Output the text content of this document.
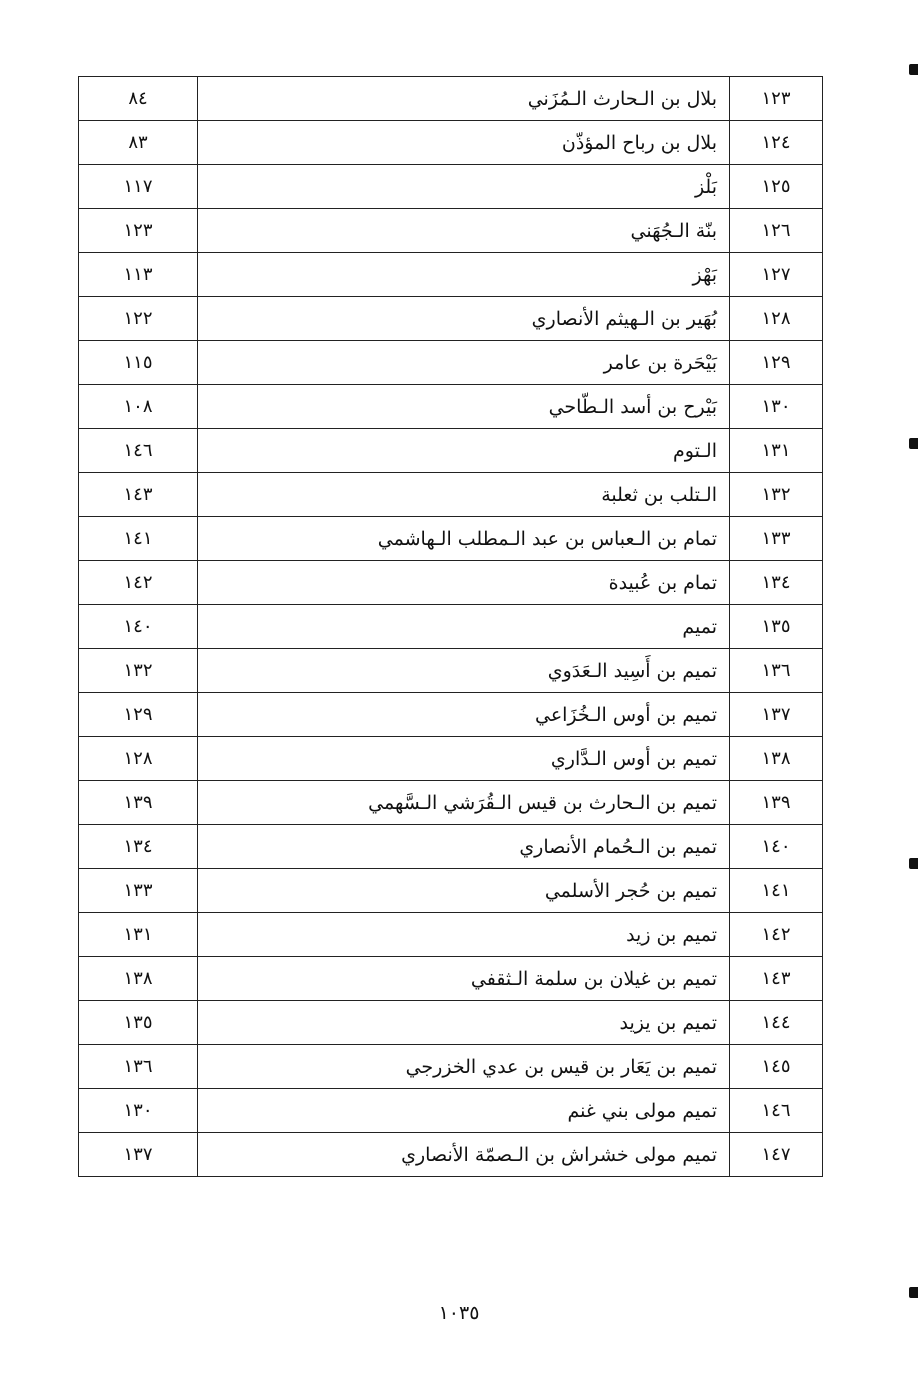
١٢٣	بلال بن الـحارث الـمُزَني	٨٤
١٢٤	بلال بن رباح المؤذّن	٨٣
١٢٥	بَلْز	١١٧
١٢٦	بنّة الـجُهَني	١٢٣
١٢٧	بَهْز	١١٣
١٢٨	بُهَير بن الـهيثم الأنصاري	١٢٢
١٢٩	بَيْحَرة بن عامر	١١٥
١٣٠	بَيْرح بن أسد الـطّاحي	١٠٨
١٣١	الـتوم	١٤٦
١٣٢	الـتلب بن ثعلبة	١٤٣
١٣٣	تمام بن الـعباس بن عبد الـمطلب الـهاشمي	١٤١
١٣٤	تمام بن عُبيدة	١٤٢
١٣٥	تميم	١٤٠
١٣٦	تميم بن أَسِيد الـعَدَوي	١٣٢
١٣٧	تميم بن أوس الـخُزَاعي	١٢٩
١٣٨	تميم بن أوس الـدَّاري	١٢٨
١٣٩	تميم بن الـحارث بن قيس الـقُرَشي الـسَّهمي	١٣٩
١٤٠	تميم بن الـحُمام الأنصاري	١٣٤
١٤١	تميم بن حُجر الأسلمي	١٣٣
١٤٢	تميم بن زيد	١٣١
١٤٣	تميم بن غيلان بن سلمة الـثقفي	١٣٨
١٤٤	تميم بن يزيد	١٣٥
١٤٥	تميم بن يَعَار بن قيس بن عدي الخزرجي	١٣٦
١٤٦	تميم مولى بني غنم	١٣٠
١٤٧	تميم مولى خشراش بن الـصمّة الأنصاري	١٣٧
١٠٣٥
